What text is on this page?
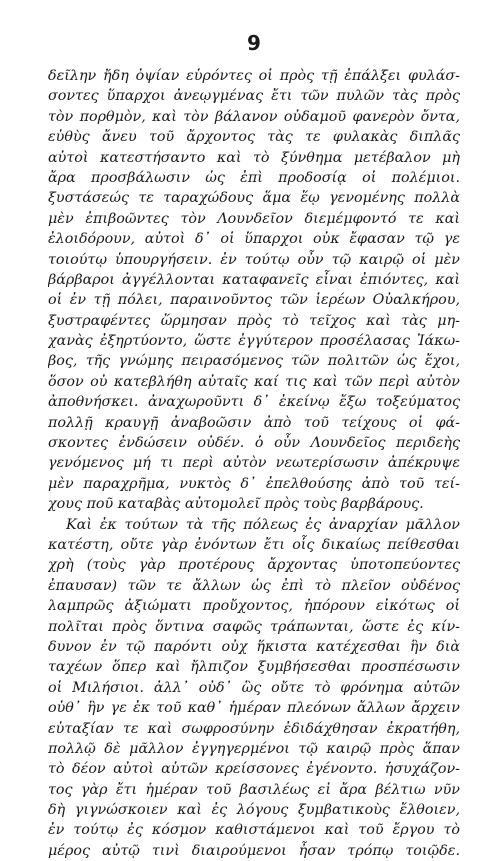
9
δεῖλην ἤδη ὀψίαν εὑρόντες οἱ πρὸς τῇ ἐπάλξει φυλάσ-
σοντες ὕπαρχοι ἀνεῳγμένας ἔτι τῶν πυλῶν τὰς πρὸς
τὸν πορθμὸν, καὶ τὸν βάλανον οὐδαμοῦ φανερὸν ὄντα,
εὐθὺς ἄνευ τοῦ ἄρχοντος τὰς τε φυλακὰς διπλᾶς
αὐτοὶ κατεστήσαντο καὶ τὸ ξύνθημα μετέβαλον μὴ
ἄρα προσβάλωσιν ὡς ἐπὶ προδοσίᾳ οἱ πολέμιοι.
ξυστάσεώς τε ταραχώδους ἅμα ἕῳ γενομένης πολλὰ
μὲν ἐπιβοῶντες τὸν Λουνδεῖον διεμέμφοντό τε καὶ
ἐλοιδόρουν, αὐτοὶ δ᾽ οἱ ὕπαρχοι οὐκ ἔφασαν τῷ γε
τοιούτῳ ὑπουργήσειν. ἐν τούτῳ οὖν τῷ καιρῷ οἱ μὲν
βάρβαροι ἀγγέλλονται καταφανεῖς εἶναι ἐπιόντες, καὶ
οἱ ἐν τῇ πόλει, παραινοῦντος τῶν ἱερέων Οὐαλκήρου,
ξυστραφέντες ὥρμησαν πρὸς τὸ τεῖχος καὶ τὰς μη-
χανὰς ἐξηρτύοντο, ὥστε ἐγγύτερον προσέλασας Ἰάκω-
βος, τῆς γνώμης πειρασόμενος τῶν πολιτῶν ὡς ἔχοι,
ὅσον οὐ κατεβλήθη αὐταῖς καί τις καὶ τῶν περὶ αὐτὸν
ἀποθνήσκει. ἀναχωροῦντι δ᾽ ἐκείνῳ ἔξω τοξεύματος
πολλῇ κραυγῇ ἀναβοῶσιν ἀπὸ τοῦ τείχους οἱ φά-
σκοντες ἐνδώσειν οὐδέν. ὁ οὖν Λουνδεῖος περιδεὴς
γενόμενος μή τι περὶ αὐτὸν νεωτερίσωσιν ἀπέκρυψε
μὲν παραχρῆμα, νυκτὸς δ᾽ ἐπελθούσης ἀπὸ τοῦ τεί-
χους ποῦ καταβὰς αὐτομολεῖ πρὸς τοὺς βαρβάρους.
Καὶ ἐκ τούτων τὰ τῆς πόλεως ἐς ἀναρχίαν μᾶλλον
κατέστη, οὔτε γὰρ ἐνόντων ἔτι οἷς δικαίως πείθεσθαι
χρὴ (τοὺς γὰρ προτέρους ἄρχοντας ὑποτοπεύοντες
ἐπαυσαν) τῶν τε ἄλλων ὡς ἐπὶ τὸ πλεῖον οὐδένος
λαμπρῶς ἀξιώματι προὔχοντος, ἠπόρουν εἰκότως οἱ
πολῖται πρὸς ὅντινα σαφῶς τράπωνται, ὥστε ἐς κίν-
δυνον ἐν τῷ παρόντι οὐχ ἥκιστα κατέχεσθαι ἣν διὰ
ταχέων ὅπερ καὶ ἤλπιζον ξυμβήσεσθαι προσπέσωσιν
οἱ Μιλήσιοι. ἀλλ᾽ οὐδ᾽ ὣς οὔτε τὸ φρόνημα αὐτῶν
οὐθ᾽ ἣν γε ἐκ τοῦ καθ᾽ ἡμέραν πλεόνων ἄλλων ἄρχειν
εὐταξίαν τε καὶ σωφροσύνην ἐδιδάχθησαν ἐκρατήθη,
πολλῷ δὲ μᾶλλον ἐγγηγερμένοι τῷ καιρῷ πρὸς ἅπαν
τὸ δέον αὐτοὶ αὑτῶν κρείσσονες ἐγένοντο. ἡσυχάζον-
τος γὰρ ἔτι ἡμέραν τοῦ βασιλέως εἰ ἄρα βέλτιω νῦν
δὴ γιγνώσκοιεν καὶ ἐς λόγους ξυμβατικοὺς ἔλθοιεν,
ἐν τούτῳ ἐς κόσμον καθιστάμενοι καὶ τοῦ ἔργου τὸ
μέρος αὐτῷ τινὶ διαιρούμενοι ἦσαν τρόπῳ τοιῷδε.
